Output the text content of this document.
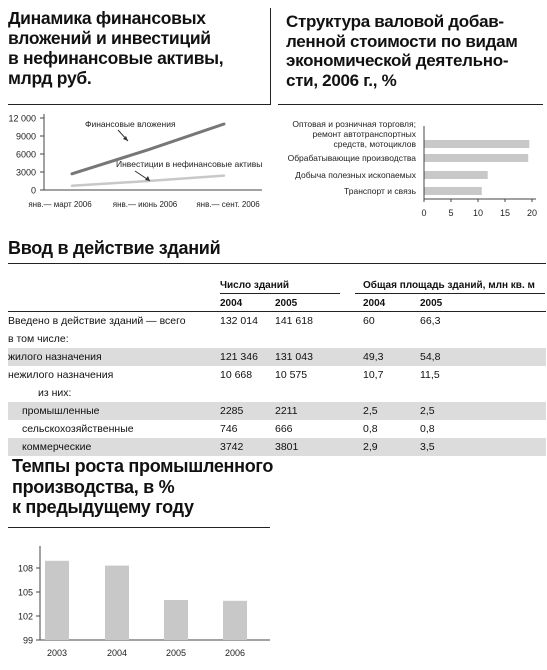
Динамика финансовых
вложений и инвестиций
в нефинансовые активы,
млрд руб.
12 000
9000
6000
3000
0
янв.— март 2006	янв.— июнь 2006 янв.— сент. 2006
Финансовые вложения
Инвестиции в нефинансовые активы
Структура валовой добав-
ленной стоимости по видам
экономической деятельно-
сти, 2006 г., %
Оптовая и розничная торговля;
ремонт автотранспортных
средств, мотоциклов
Обрабатывающие производства
Добыча полезных ископаемых
Транспорт и связь
0 5 10 15 20
Ввод в действие зданий
	Число зданий		Общая площадь зданий, млн кв. м	
	2004	2005	2004	2005
Введено в действие зданий — всего	132 014	141 618	60	66,3
в том числе:				
жилого назначения	121 346	131 043	49,3	54,8
нежилого назначения	10 668	10 575	10,7	11,5
из них:				
промышленные	2285	2211	2,5	2,5
сельскохозяйственные	746	666	0,8	0,8
коммерческие	3742	3801	2,9	3,5
Темпы роста промышленного
производства, в %
к предыдущему году
108
105
102
99
2003	2004	2005	2006
